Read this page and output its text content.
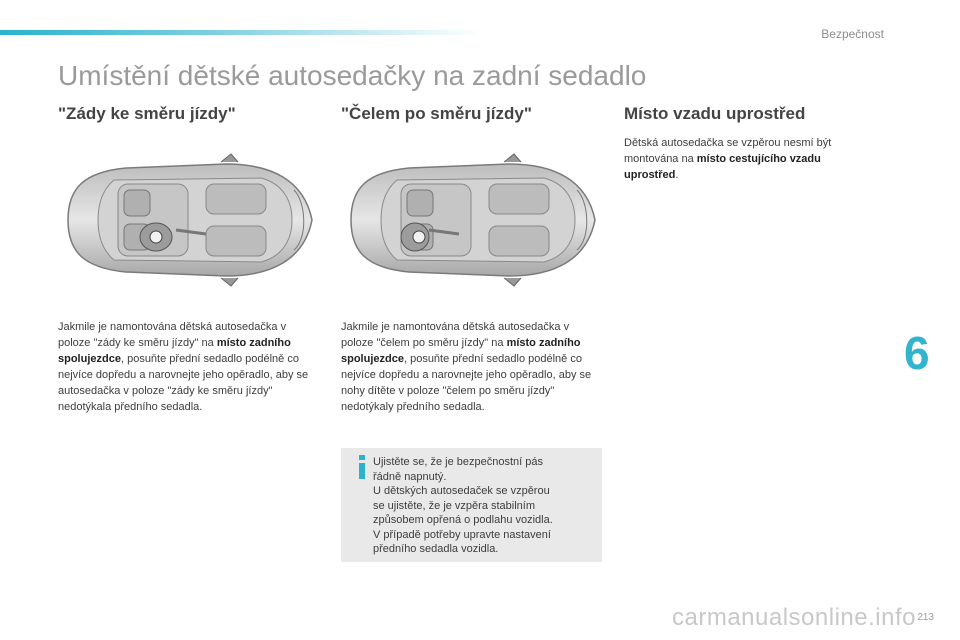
Bezpečnost
Umístění dětské autosedačky na zadní sedadlo
"Zády ke směru jízdy"
Jakmile je namontována dětská autosedačka v poloze "zády ke směru jízdy" na místo zadního spolujezdce, posuňte přední sedadlo podélně co nejvíce dopředu a narovnejte jeho opěradlo, aby se autosedačka v poloze "zády ke směru jízdy" nedotýkala předního sedadla.
"Čelem po směru jízdy"
Jakmile je namontována dětská autosedačka v poloze "čelem po směru jízdy" na místo zadního spolujezdce, posuňte přední sedadlo podélně co nejvíce dopředu a narovnejte jeho opěradlo, aby se nohy dítěte v poloze "čelem po směru jízdy" nedotýkaly předního sedadla.
Místo vzadu uprostřed
Dětská autosedačka se vzpěrou nesmí být montována na místo cestujícího vzadu uprostřed.
Ujistěte se, že je bezpečnostní pás
řádně napnutý.
U dětských autosedaček se vzpěrou
se ujistěte, že je vzpěra stabilním
způsobem opřená o podlahu vozidla.
V případě potřeby upravte nastavení
předního sedadla vozidla.
6
213
carmanualsonline.info
